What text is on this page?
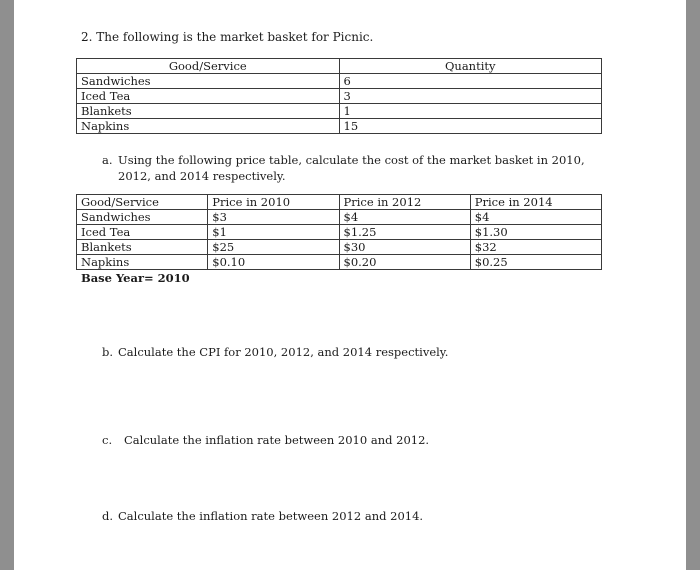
2. The following is the market basket for Picnic.

Good/Service	Quantity
Sandwiches	6
Iced Tea	3
Blankets	1
Napkins	15
a. Using the following price table, calculate the cost of the market basket in 2010,
2012, and 2014 respectively.
Good/Service	Price in 2010	Price in 2012	Price in 2014
Sandwiches	$3	$4	$4
Iced Tea	$1	$1.25	$1.30
Blankets	$25	$30	$32
Napkins	$0.10	$0.20	$0.25

Base Year= 2010

b. Calculate the CPI for 2010, 2012, and 2014 respectively.

c. Calculate the inflation rate between 2010 and 2012.

d. Calculate the inflation rate between 2012 and 2014.
